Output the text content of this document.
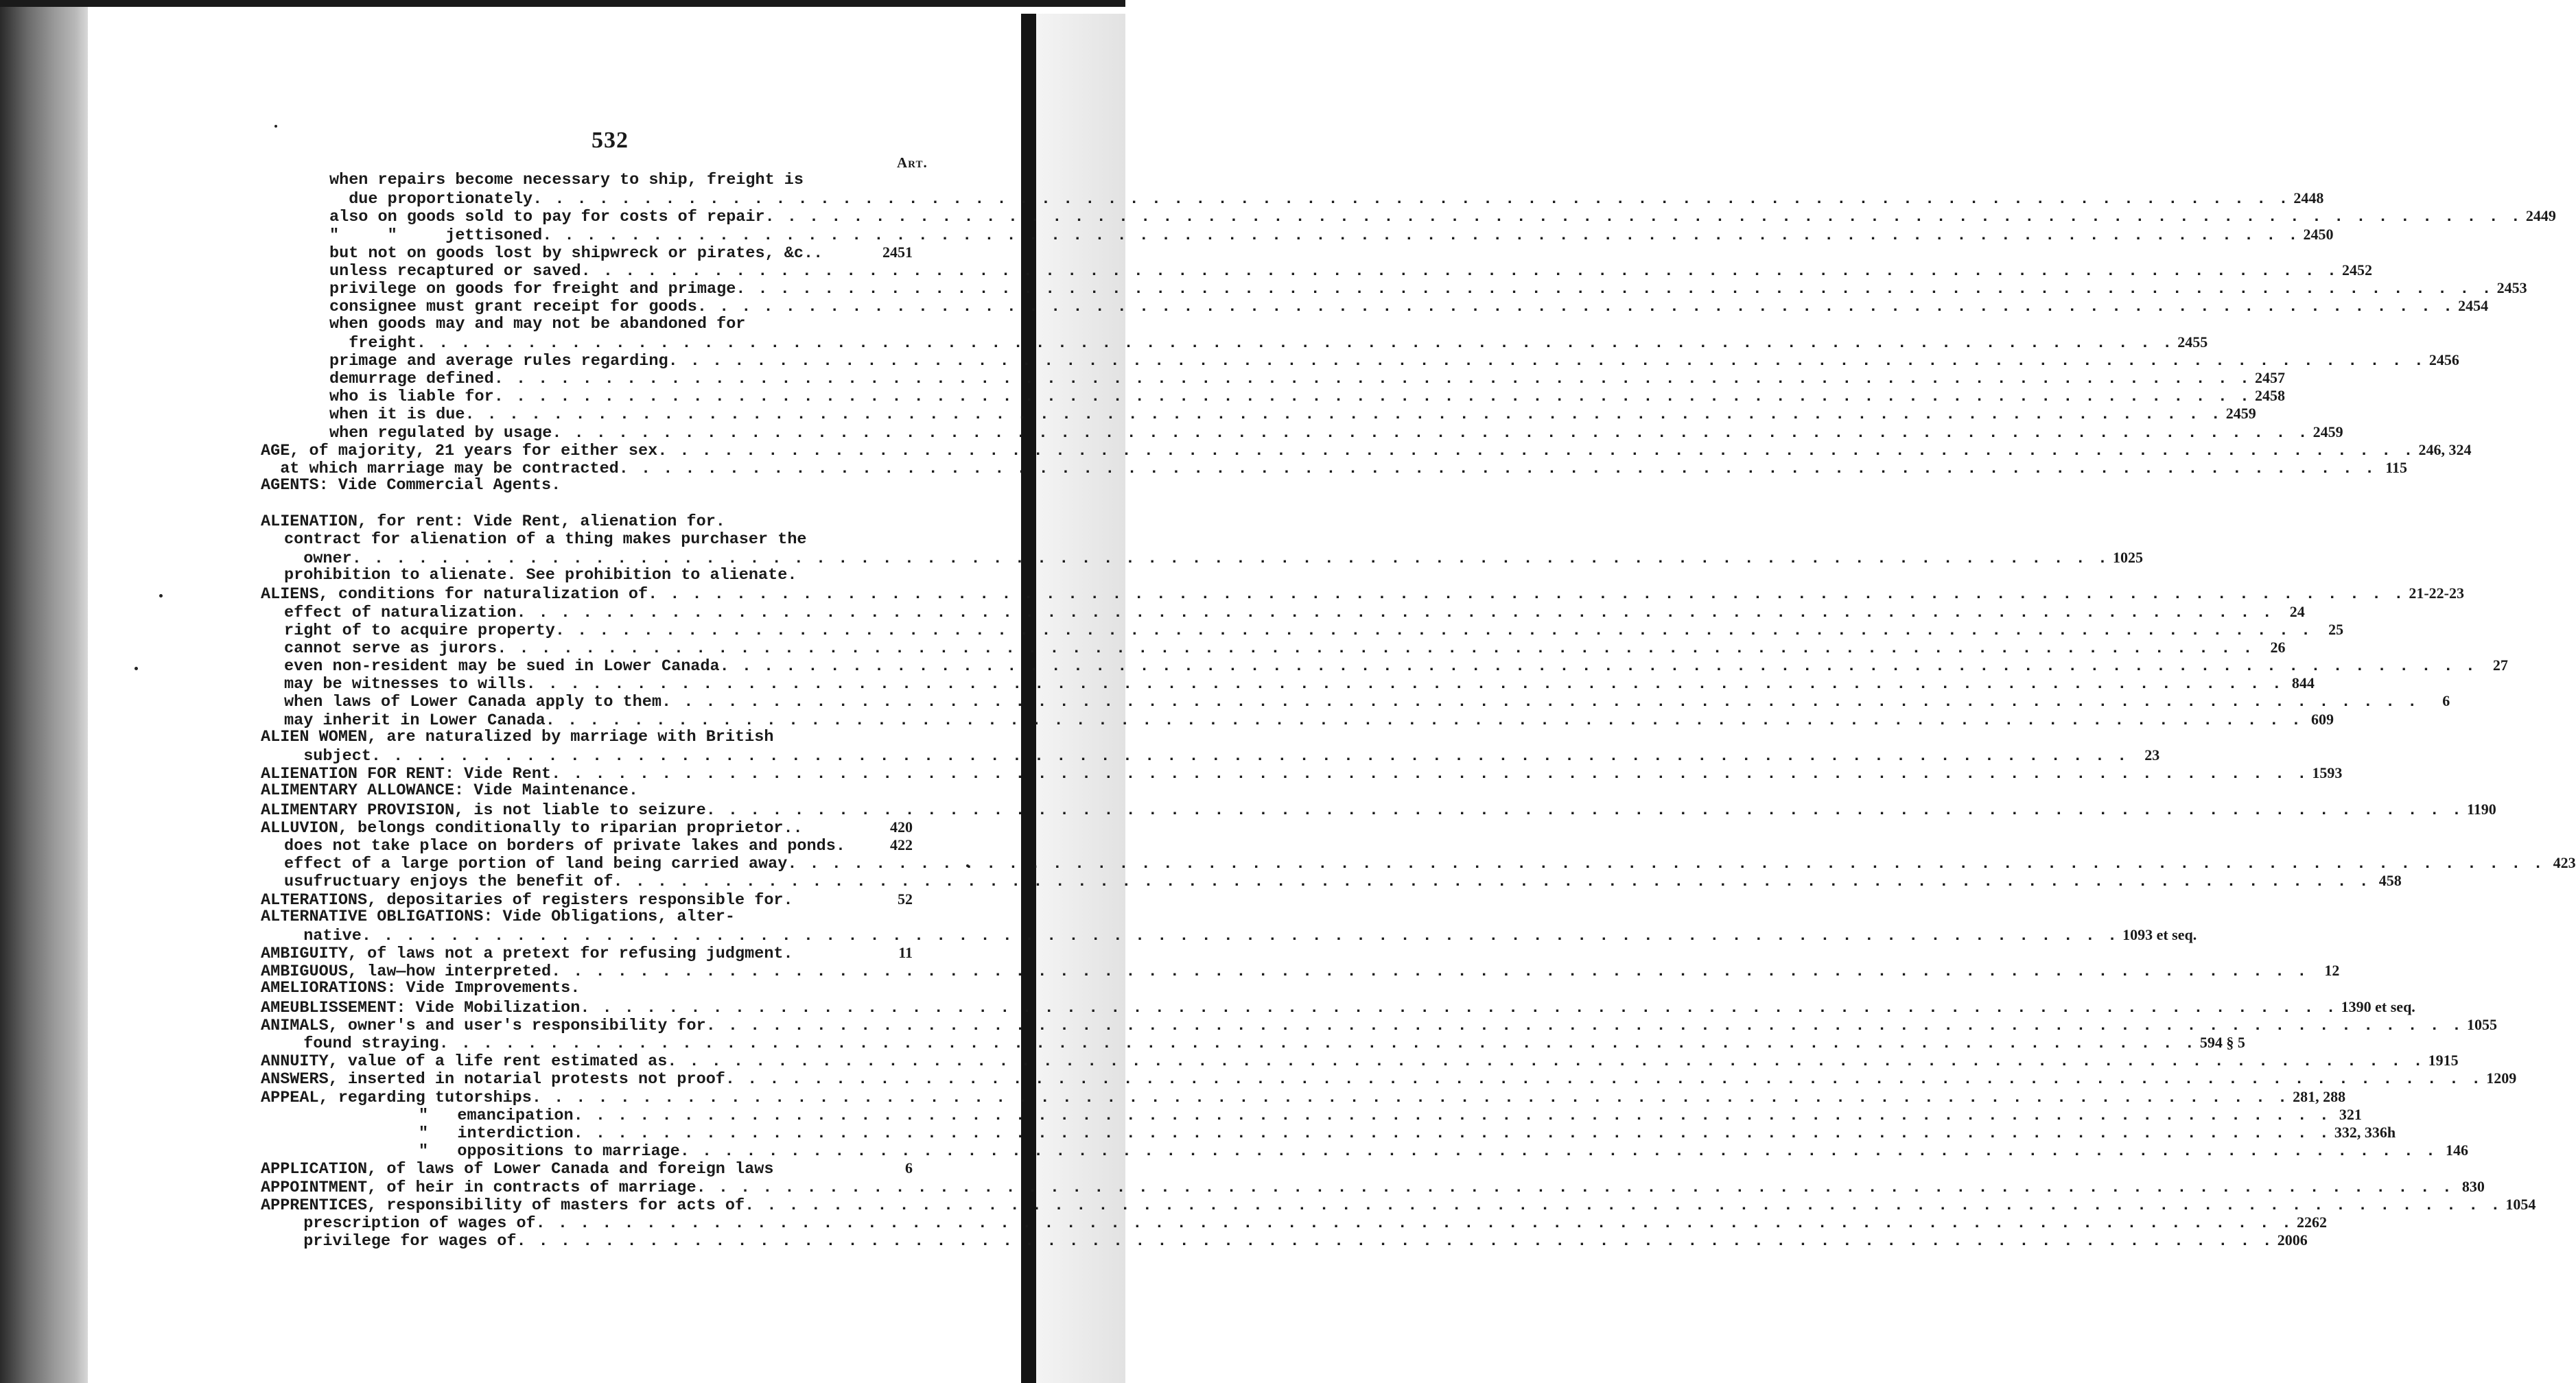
532
Art.
when repairs become necessary to ship, freight is
due proportionately . . .	2448
also on goods sold to pay for costs of repair . . .	2449
"     "     jettisoned . . .	2450
but not on goods lost by shipwreck or pirates, &c..	2451
unless recaptured or saved . . .	2452
privilege on goods for freight and primage . . .	2453
consignee must grant receipt for goods . . .	2454
when goods may and may not be abandoned for
freight . . .	2455
primage and average rules regarding . . .	2456
demurrage defined . . .	2457
who is liable for . . .	2458
when it is due . . .	2459
when regulated by usage . . .	2459
AGE, of majority, 21 years for either sex . . .	246, 324
at which marriage may be contracted . . .	115
AGENTS: Vide Commercial Agents.
ALIENATION, for rent: Vide Rent, alienation for.
contract for alienation of a thing makes purchaser the
owner . . .	1025
prohibition to alienate. See prohibition to alienate.
ALIENS, conditions for naturalization of . . .	21-22-23
effect of naturalization . . .	24
right of to acquire property . . .	25
cannot serve as jurors . . .	26
even non-resident may be sued in Lower Canada . . .	27
may be witnesses to wills . . .	844
when laws of Lower Canada apply to them . . .	6
may inherit in Lower Canada . . .	609
ALIEN WOMEN, are naturalized by marriage with British
subject . . .	23
ALIENATION FOR RENT: Vide Rent . . .	1593
ALIMENTARY ALLOWANCE: Vide Maintenance.
ALIMENTARY PROVISION, is not liable to seizure . . .	1190
ALLUVION, belongs conditionally to riparian proprietor..	420
does not take place on borders of private lakes and ponds.	422
effect of a large portion of land being carried away . . .	423
usufructuary enjoys the benefit of . . .	458
ALTERATIONS, depositaries of registers responsible for.	52
ALTERNATIVE OBLIGATIONS: Vide Obligations, alter-
native . . .	1093 et seq.
AMBIGUITY, of laws not a pretext for refusing judgment.	11
AMBIGUOUS, law—how interpreted . . .	12
AMELIORATIONS: Vide Improvements.
AMEUBLISSEMENT: Vide Mobilization . . .	1390 et seq.
ANIMALS, owner's and user's responsibility for . . .	1055
found straying . . .	594 § 5
ANNUITY, value of a life rent estimated as . . .	1915
ANSWERS, inserted in notarial protests not proof . . .	1209
APPEAL, regarding tutorships . . .	281, 288
"   emancipation . . .	321
"   interdiction . . .	332, 336h
"   oppositions to marriage . . .	146
APPLICATION, of laws of Lower Canada and foreign laws	6
APPOINTMENT, of heir in contracts of marriage . . .	830
APPRENTICES, responsibility of masters for acts of . . .	1054
prescription of wages of . . .	2262
privilege for wages of . . .	2006
